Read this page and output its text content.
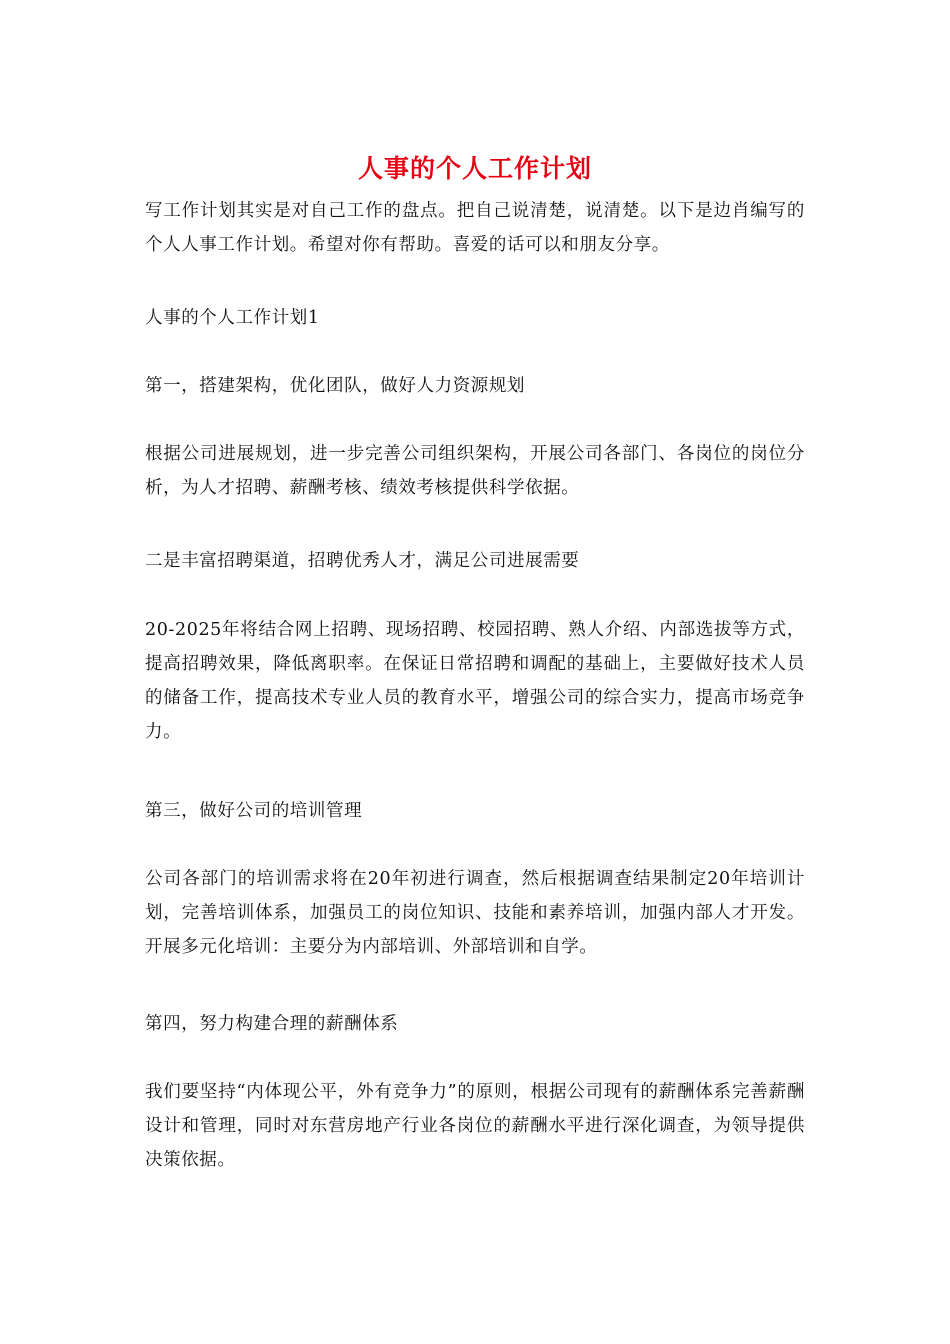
人事的个人工作计划

写工作计划其实是对自己工作的盘点。把自己说清楚，说清楚。以下是边肖编写的个人人事工作计划。希望对你有帮助。喜爱的话可以和朋友分享。

人事的个人工作计划1

第一，搭建架构，优化团队，做好人力资源规划

根据公司进展规划，进一步完善公司组织架构，开展公司各部门、各岗位的岗位分析，为人才招聘、薪酬考核、绩效考核提供科学依据。

二是丰富招聘渠道，招聘优秀人才，满足公司进展需要

20-2025年将结合网上招聘、现场招聘、校园招聘、熟人介绍、内部选拔等方式，提高招聘效果，降低离职率。在保证日常招聘和调配的基础上，主要做好技术人员的储备工作，提高技术专业人员的教育水平，增强公司的综合实力，提高市场竞争力。

第三，做好公司的培训管理

公司各部门的培训需求将在20年初进行调查，然后根据调查结果制定20年培训计划，完善培训体系，加强员工的岗位知识、技能和素养培训，加强内部人才开发。开展多元化培训：主要分为内部培训、外部培训和自学。

第四，努力构建合理的薪酬体系

我们要坚持“内体现公平，外有竞争力”的原则，根据公司现有的薪酬体系完善薪酬设计和管理，同时对东营房地产行业各岗位的薪酬水平进行深化调查，为领导提供决策依据。
